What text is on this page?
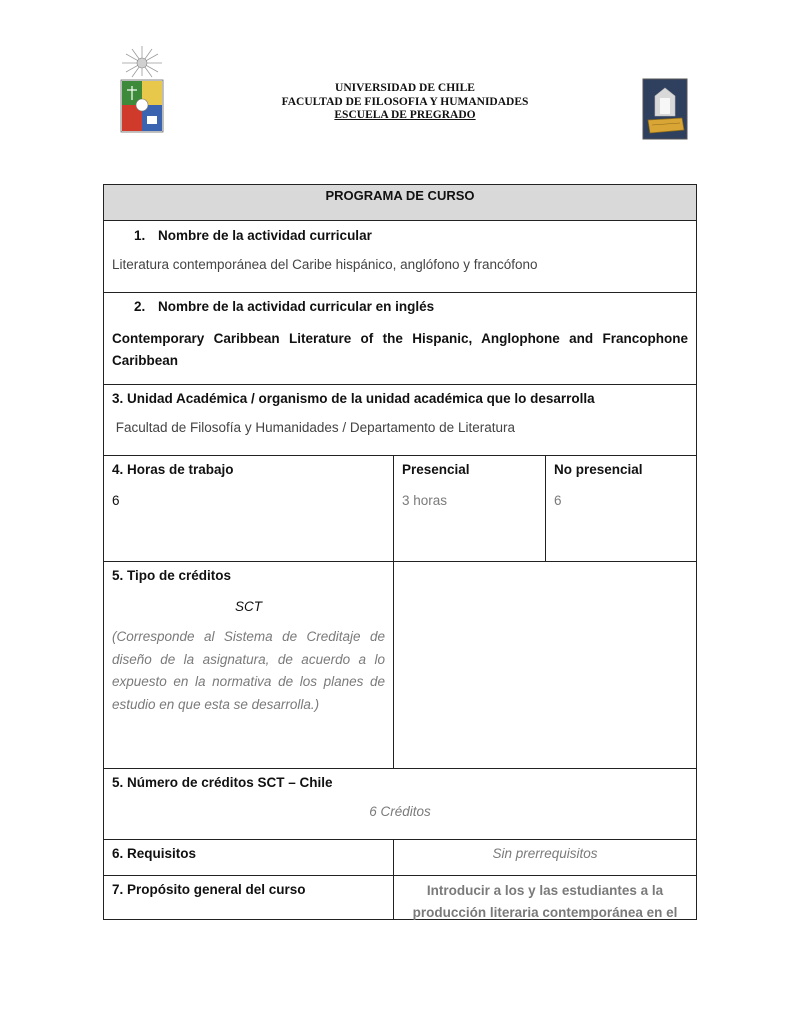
UNIVERSIDAD DE CHILE
FACULTAD DE FILOSOFIA Y HUMANIDADES
ESCUELA DE PREGRADO
PROGRAMA DE CURSO
1. Nombre de la actividad curricular
Literatura contemporánea del Caribe hispánico, anglófono y francófono
2. Nombre de la actividad curricular en inglés
Contemporary Caribbean Literature of the Hispanic, Anglophone and Francophone Caribbean
3. Unidad Académica / organismo de la unidad académica que lo desarrolla
Facultad de Filosofía y Humanidades / Departamento de Literatura
4. Horas de trabajo
6
Presencial
3 horas
No presencial
6
5. Tipo de créditos
SCT
(Corresponde al Sistema de Creditaje de diseño de la asignatura, de acuerdo a lo expuesto en la normativa de los planes de estudio en que esta se desarrolla.)
5. Número de créditos SCT – Chile
6 Créditos
6. Requisitos	Sin prerrequisitos
7. Propósito general del curso	Introducir a los y las estudiantes a la producción literaria contemporánea en el
